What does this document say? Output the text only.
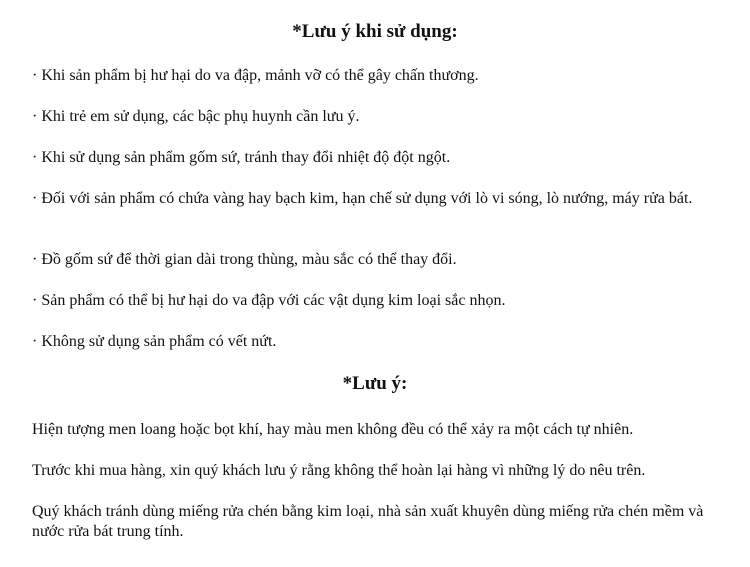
*Lưu ý khi sử dụng:

· Khi sản phẩm bị hư hại do va đập, mảnh vỡ có thể gây chấn thương.

· Khi trẻ em sử dụng, các bậc phụ huynh cần lưu ý.

· Khi sử dụng sản phẩm gốm sứ, tránh thay đổi nhiệt độ đột ngột.

· Đối với sản phẩm có chứa vàng hay bạch kim, hạn chế sử dụng với lò vi sóng, lò nướng, máy rửa bát.

· Đồ gốm sứ để thời gian dài trong thùng, màu sắc có thể thay đổi.

· Sản phẩm có thể bị hư hại do va đập với các vật dụng kim loại sắc nhọn.

· Không sử dụng sản phẩm có vết nứt.

*Lưu ý:

Hiện tượng men loang hoặc bọt khí, hay màu men không đều có thể xảy ra một cách tự nhiên.

Trước khi mua hàng, xin quý khách lưu ý rằng không thể hoàn lại hàng vì những lý do nêu trên.

Quý khách tránh dùng miếng rửa chén bằng kim loại, nhà sản xuất khuyên dùng miếng rửa chén mềm và nước rửa bát trung tính.
